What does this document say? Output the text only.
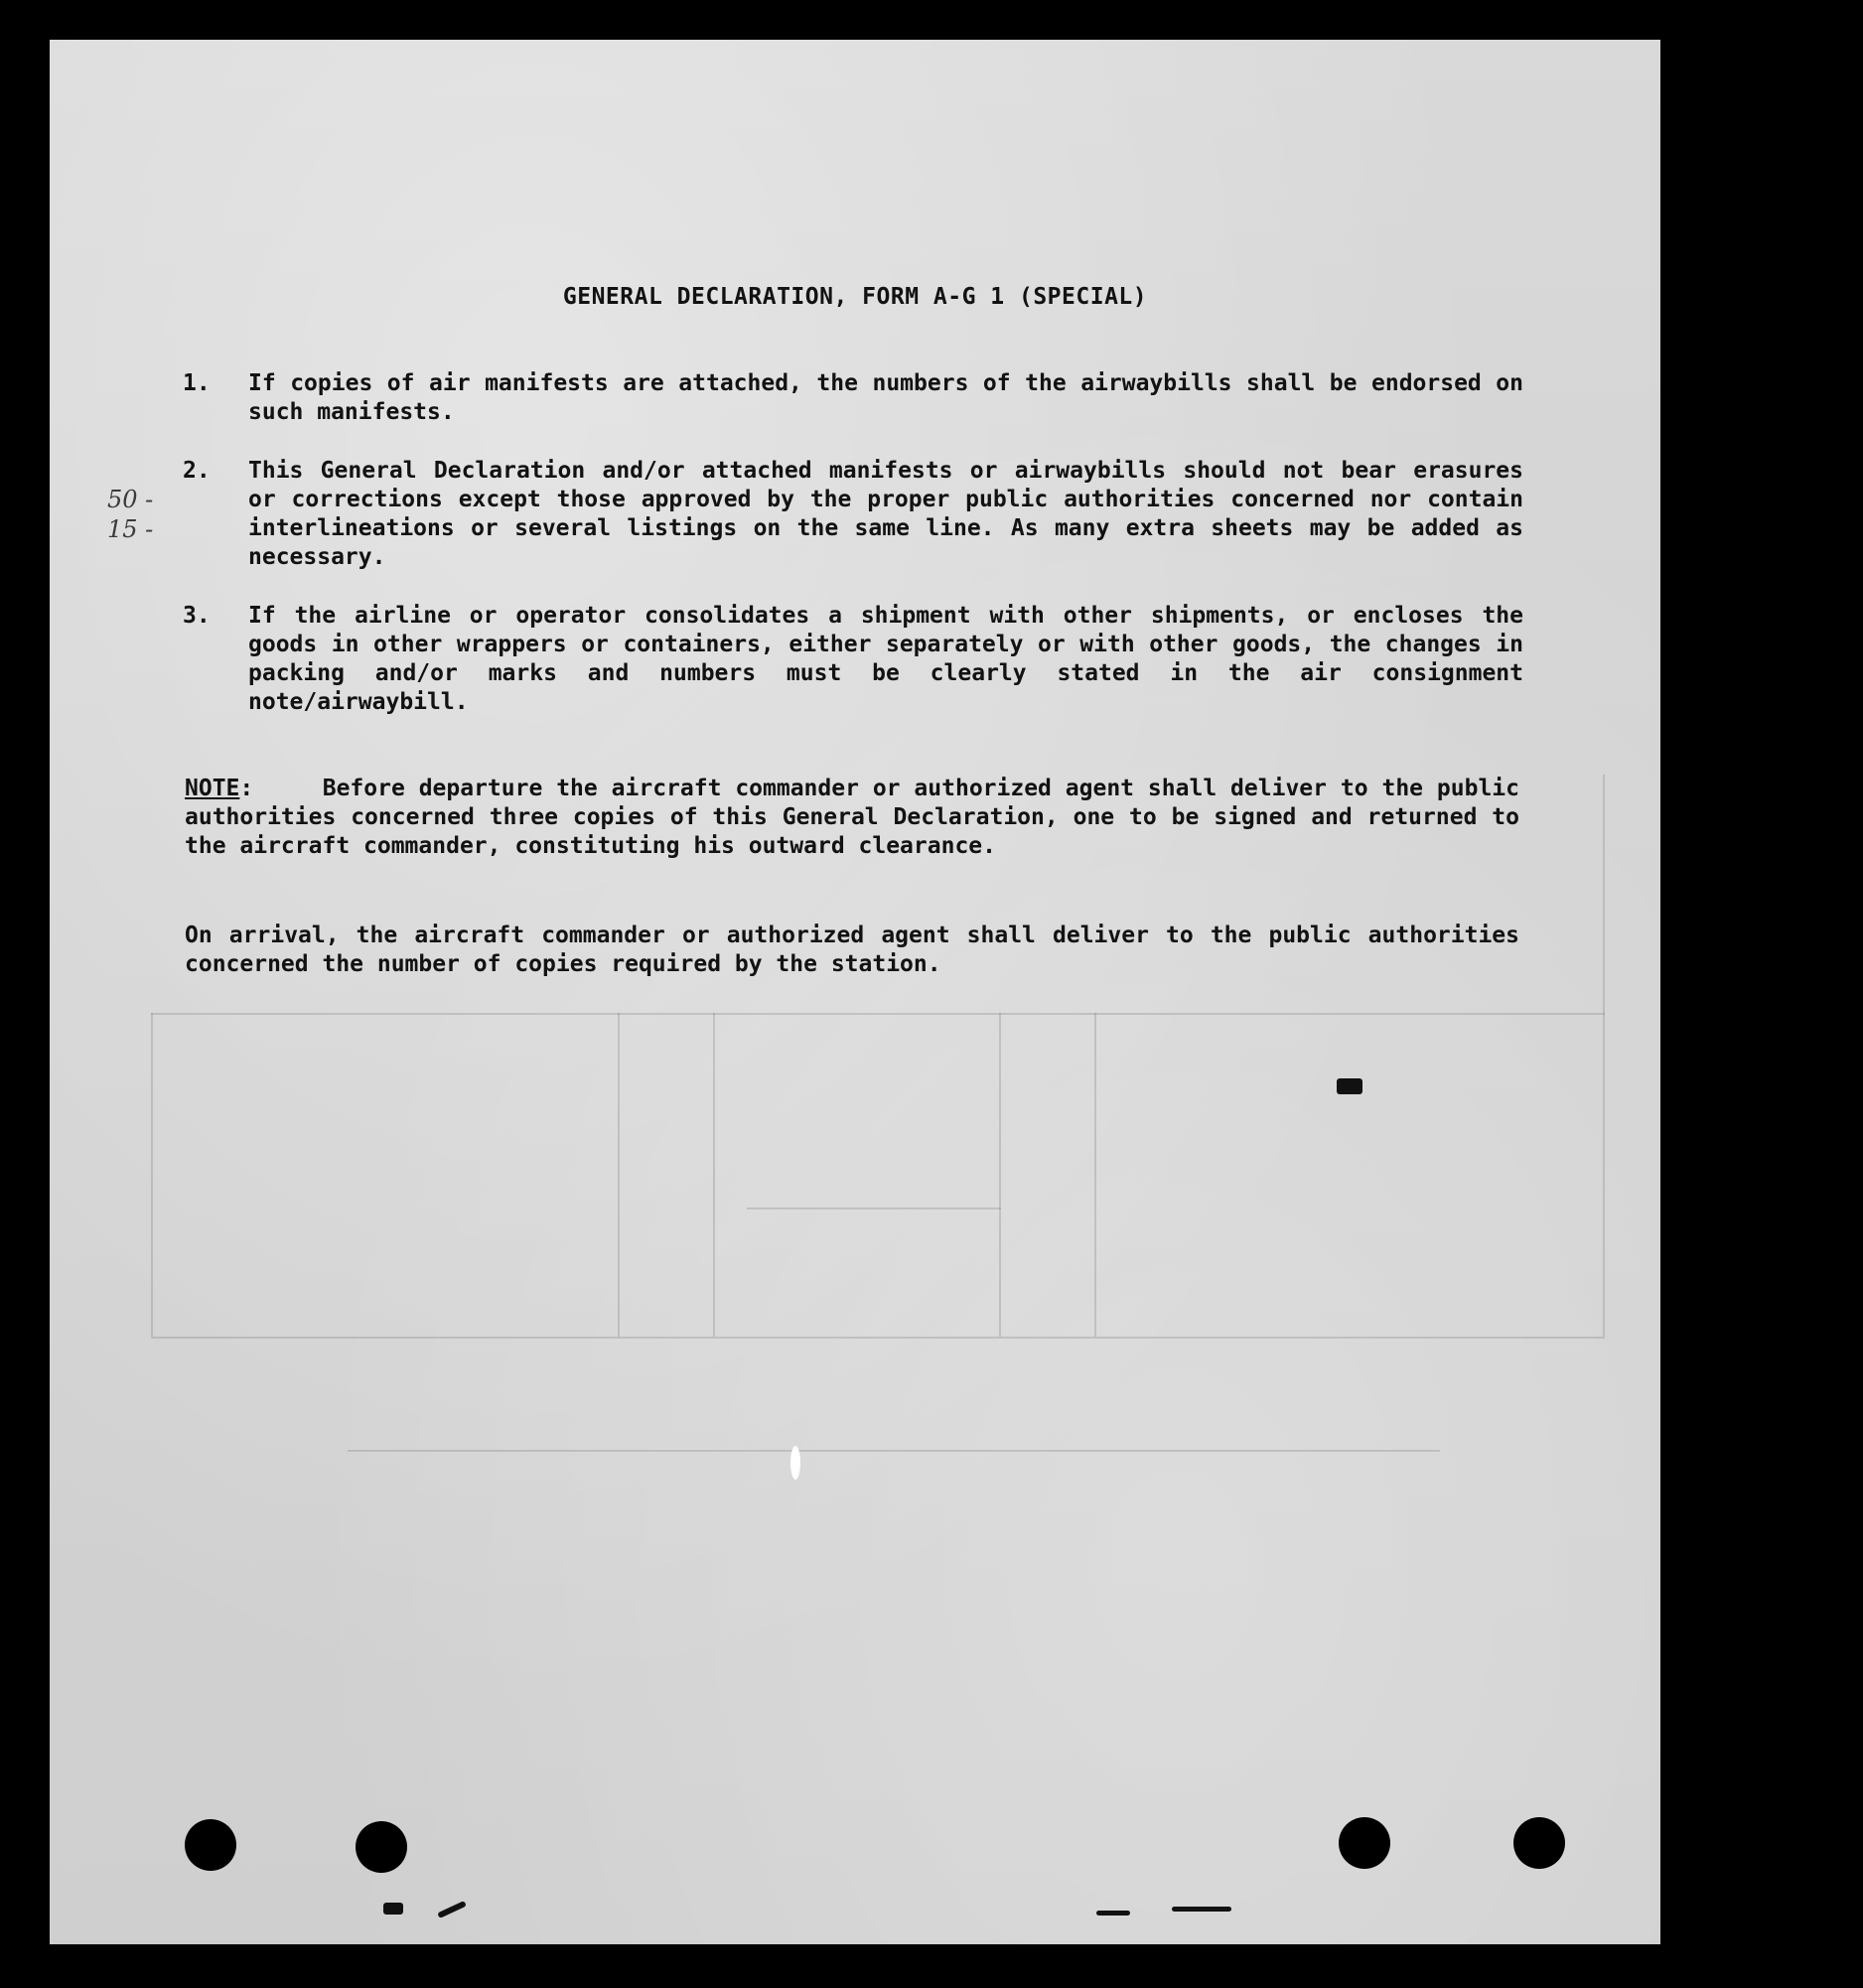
GENERAL DECLARATION, FORM A-G 1 (SPECIAL)
50 -
15 -
1. If copies of air manifests are attached, the numbers of the airwaybills shall be endorsed on such manifests.
2. This General Declaration and/or attached manifests or airwaybills should not bear erasures or corrections except those approved by the proper public authorities concerned nor contain interlineations or several listings on the same line. As many extra sheets may be added as necessary.
3. If the airline or operator consolidates a shipment with other shipments, or encloses the goods in other wrappers or containers, either separately or with other goods, the changes in packing and/or marks and numbers must be clearly stated in the air consignment note/airwaybill.
NOTE:     Before departure the aircraft commander or authorized agent shall deliver to the public authorities concerned three copies of this General Declaration, one to be signed and returned to the aircraft commander, constituting his outward clearance.
On arrival, the aircraft commander or authorized agent shall deliver to the public authorities concerned the number of copies required by the station.
